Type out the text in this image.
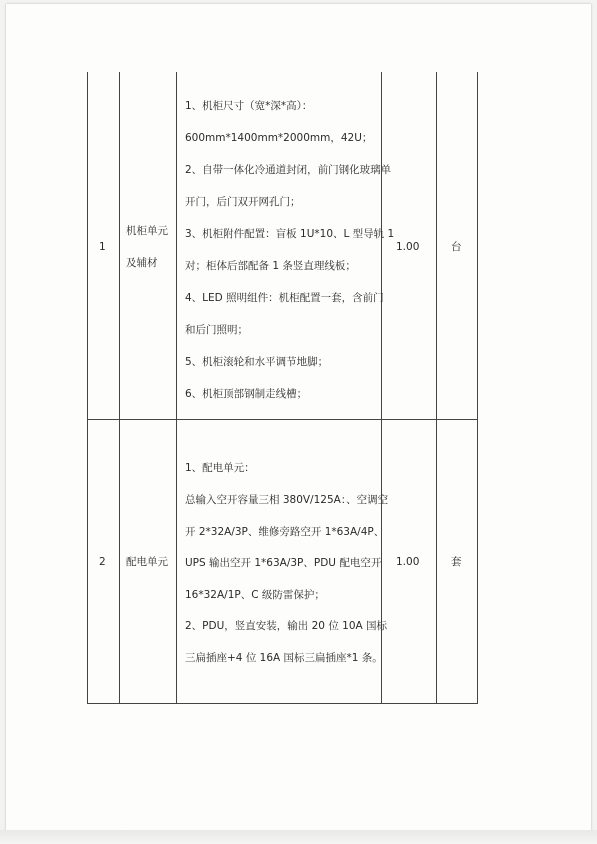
1
机柜单元
及辅材
1、机柜尺寸（宽*深*高）：
600mm*1400mm*2000mm，42U；
2、自带一体化冷通道封闭，前门钢化玻璃单
开门，后门双开网孔门；
3、机柜附件配置：盲板 1U*10、L 型导轨 1
对；柜体后部配备 1 条竖直理线板；
4、LED 照明组件：机柜配置一套，含前门
和后门照明；
5、机柜滚轮和水平调节地脚；
6、机柜顶部钢制走线槽；
1.00	台
2 配电单元
1、配电单元：
总输入空开容量三相 380V/125A：、空调空
开 2*32A/3P、维修旁路空开 1*63A/4P、
UPS 输出空开 1*63A/3P、PDU 配电空开
16*32A/1P、C 级防雷保护；
2、PDU，竖直安装，输出 20 位 10A 国标
三扁插座+4 位 16A 国标三扁插座*1 条。
1.00	套
